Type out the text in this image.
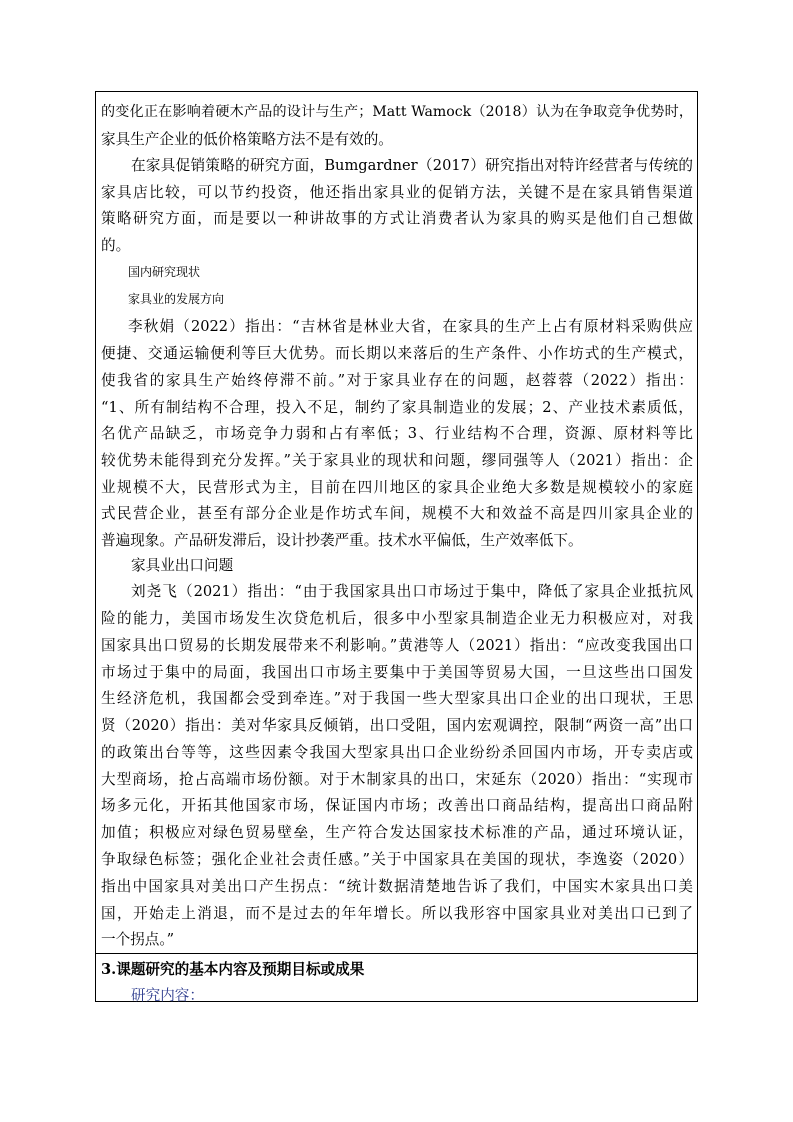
的变化正在影响着硬木产品的设计与生产；Matt Wamock（2018）认为在争取竞争优势时，
家具生产企业的低价格策略方法不是有效的。
在家具促销策略的研究方面，Bumgardner（2017）研究指出对特许经营者与传统的
家具店比较，可以节约投资，他还指出家具业的促销方法，关键不是在家具销售渠道
策略研究方面，而是要以一种讲故事的方式让消费者认为家具的购买是他们自己想做
的。
国内研究现状
家具业的发展方向
李秋娟（2022）指出：“吉林省是林业大省，在家具的生产上占有原材料采购供应
便捷、交通运输便利等巨大优势。而长期以来落后的生产条件、小作坊式的生产模式，
使我省的家具生产始终停滞不前。”对于家具业存在的问题，赵蓉蓉（2022）指出：
“1、所有制结构不合理，投入不足，制约了家具制造业的发展；2、产业技术素质低，
名优产品缺乏，市场竞争力弱和占有率低；3、行业结构不合理，资源、原材料等比
较优势未能得到充分发挥。”关于家具业的现状和问题，缪同强等人（2021）指出：企
业规模不大，民营形式为主，目前在四川地区的家具企业绝大多数是规模较小的家庭
式民营企业，甚至有部分企业是作坊式车间，规模不大和效益不高是四川家具企业的
普遍现象。产品研发滞后，设计抄袭严重。技术水平偏低，生产效率低下。
家具业出口问题
刘尧飞（2021）指出：“由于我国家具出口市场过于集中，降低了家具企业抵抗风
险的能力，美国市场发生次贷危机后，很多中小型家具制造企业无力积极应对，对我
国家具出口贸易的长期发展带来不利影响。”黄港等人（2021）指出：“应改变我国出口
市场过于集中的局面，我国出口市场主要集中于美国等贸易大国，一旦这些出口国发
生经济危机，我国都会受到牵连。”对于我国一些大型家具出口企业的出口现状，王思
贤（2020）指出：美对华家具反倾销，出口受阻，国内宏观调控，限制“两资一高”出口
的政策出台等等，这些因素令我国大型家具出口企业纷纷杀回国内市场，开专卖店或
大型商场，抢占高端市场份额。对于木制家具的出口，宋延东（2020）指出：“实现市
场多元化，开拓其他国家市场，保证国内市场；改善出口商品结构，提高出口商品附
加值；积极应对绿色贸易壁垒，生产符合发达国家技术标准的产品，通过环境认证，
争取绿色标签；强化企业社会责任感。”关于中国家具在美国的现状，李逸姿（2020）
指出中国家具对美出口产生拐点：“统计数据清楚地告诉了我们，中国实木家具出口美
国，开始走上消退，而不是过去的年年增长。所以我形容中国家具业对美出口已到了
一个拐点。”
3.课题研究的基本内容及预期目标或成果
研究内容：
